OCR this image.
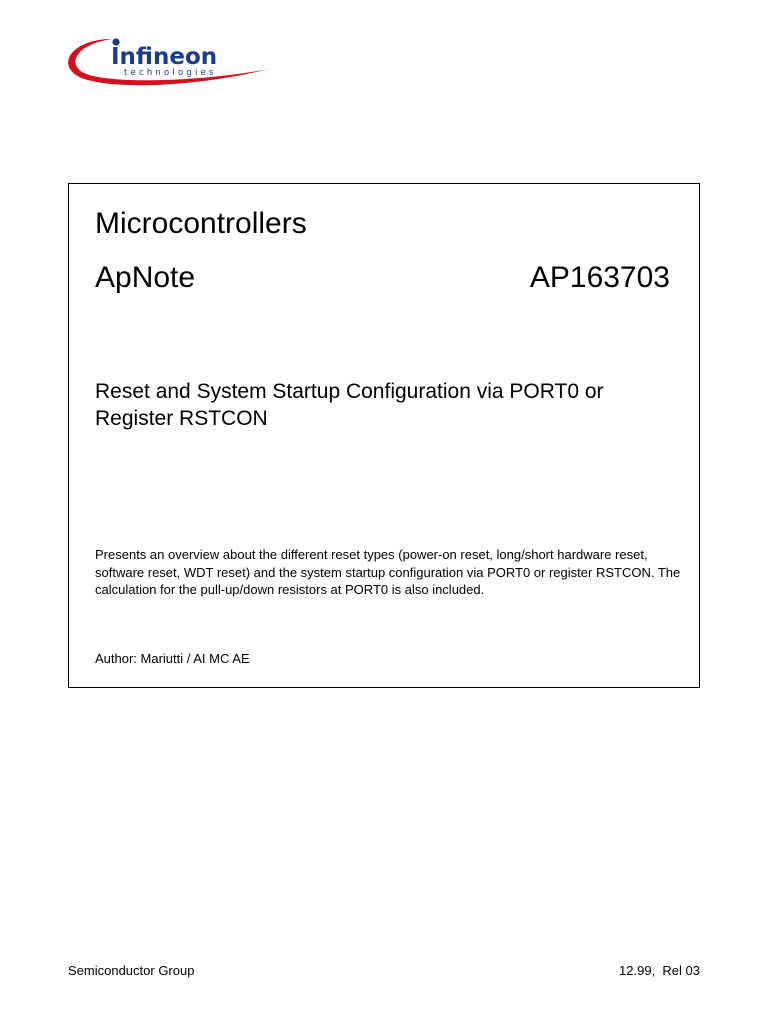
Infineon
technologies
Microcontrollers
ApNote	AP163703
Reset and System Startup Configuration via PORT0 or Register RSTCON
Presents an overview about the different reset types (power-on reset, long/short hardware reset, software reset, WDT reset) and the system startup configuration via PORT0 or register RSTCON. The calculation for the pull-up/down resistors at PORT0 is also included.
Author: Mariutti / AI MC AE
Semiconductor Group	12.99,  Rel 03
